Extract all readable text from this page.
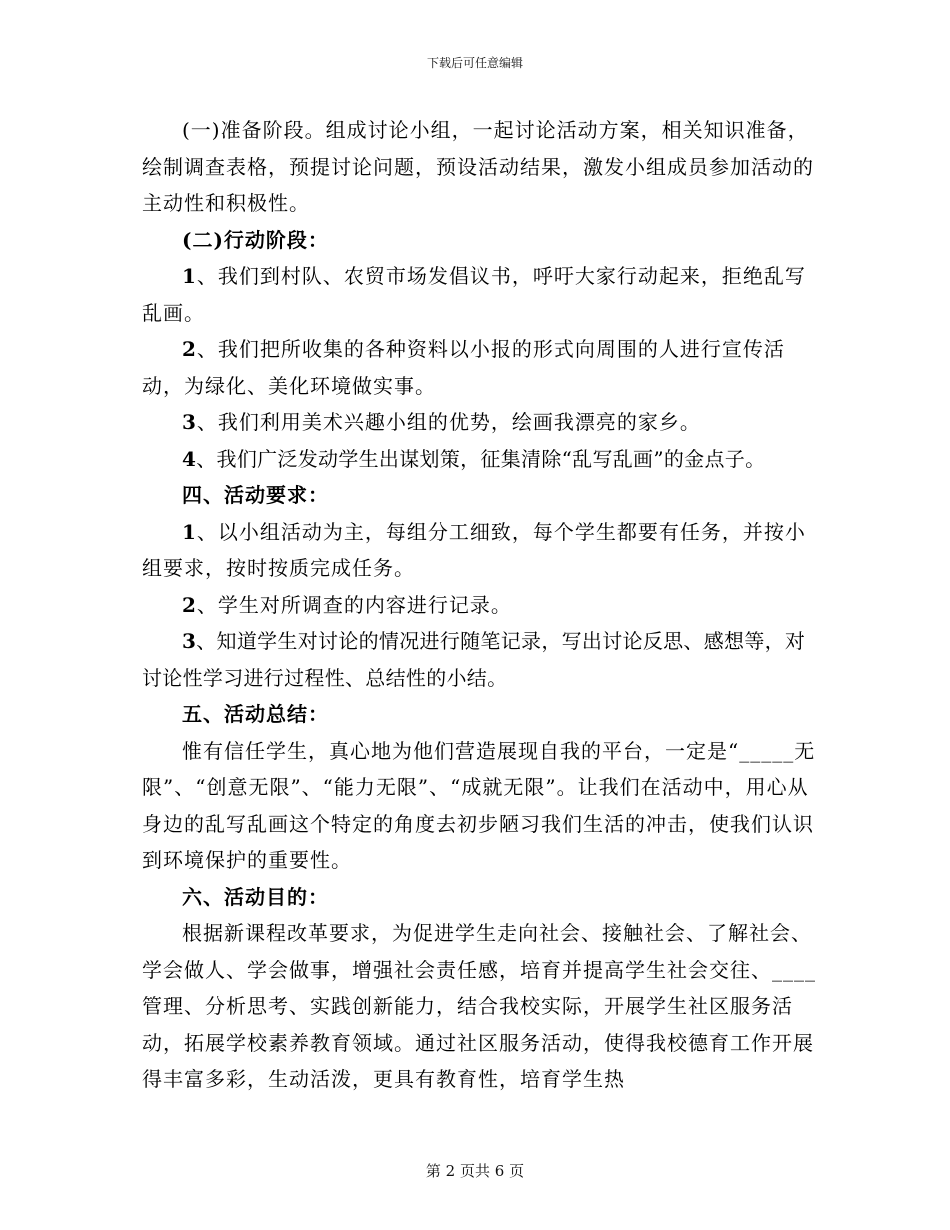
下载后可任意编辑

(一)准备阶段。组成讨论小组，一起讨论活动方案，相关知识准备，绘制调查表格，预提讨论问题，预设活动结果，激发小组成员参加活动的主动性和积极性。

(二)行动阶段：

1、我们到村队、农贸市场发倡议书，呼吁大家行动起来，拒绝乱写乱画。

2、我们把所收集的各种资料以小报的形式向周围的人进行宣传活动，为绿化、美化环境做实事。

3、我们利用美术兴趣小组的优势，绘画我漂亮的家乡。

4、我们广泛发动学生出谋划策，征集清除“乱写乱画”的金点子。

四、活动要求：

1、以小组活动为主，每组分工细致，每个学生都要有任务，并按小组要求，按时按质完成任务。

2、学生对所调查的内容进行记录。

3、知道学生对讨论的情况进行随笔记录，写出讨论反思、感想等，对讨论性学习进行过程性、总结性的小结。

五、活动总结：

惟有信任学生，真心地为他们营造展现自我的平台，一定是“_____无限”、“创意无限”、“能力无限”、“成就无限”。让我们在活动中，用心从身边的乱写乱画这个特定的角度去初步陋习我们生活的冲击，使我们认识到环境保护的重要性。

六、活动目的：

根据新课程改革要求，为促进学生走向社会、接触社会、了解社会、学会做人、学会做事，增强社会责任感，培育并提高学生社会交往、____管理、分析思考、实践创新能力，结合我校实际，开展学生社区服务活动，拓展学校素养教育领域。通过社区服务活动，使得我校德育工作开展得丰富多彩，生动活泼，更具有教育性，培育学生热

第 2 页共 6 页
